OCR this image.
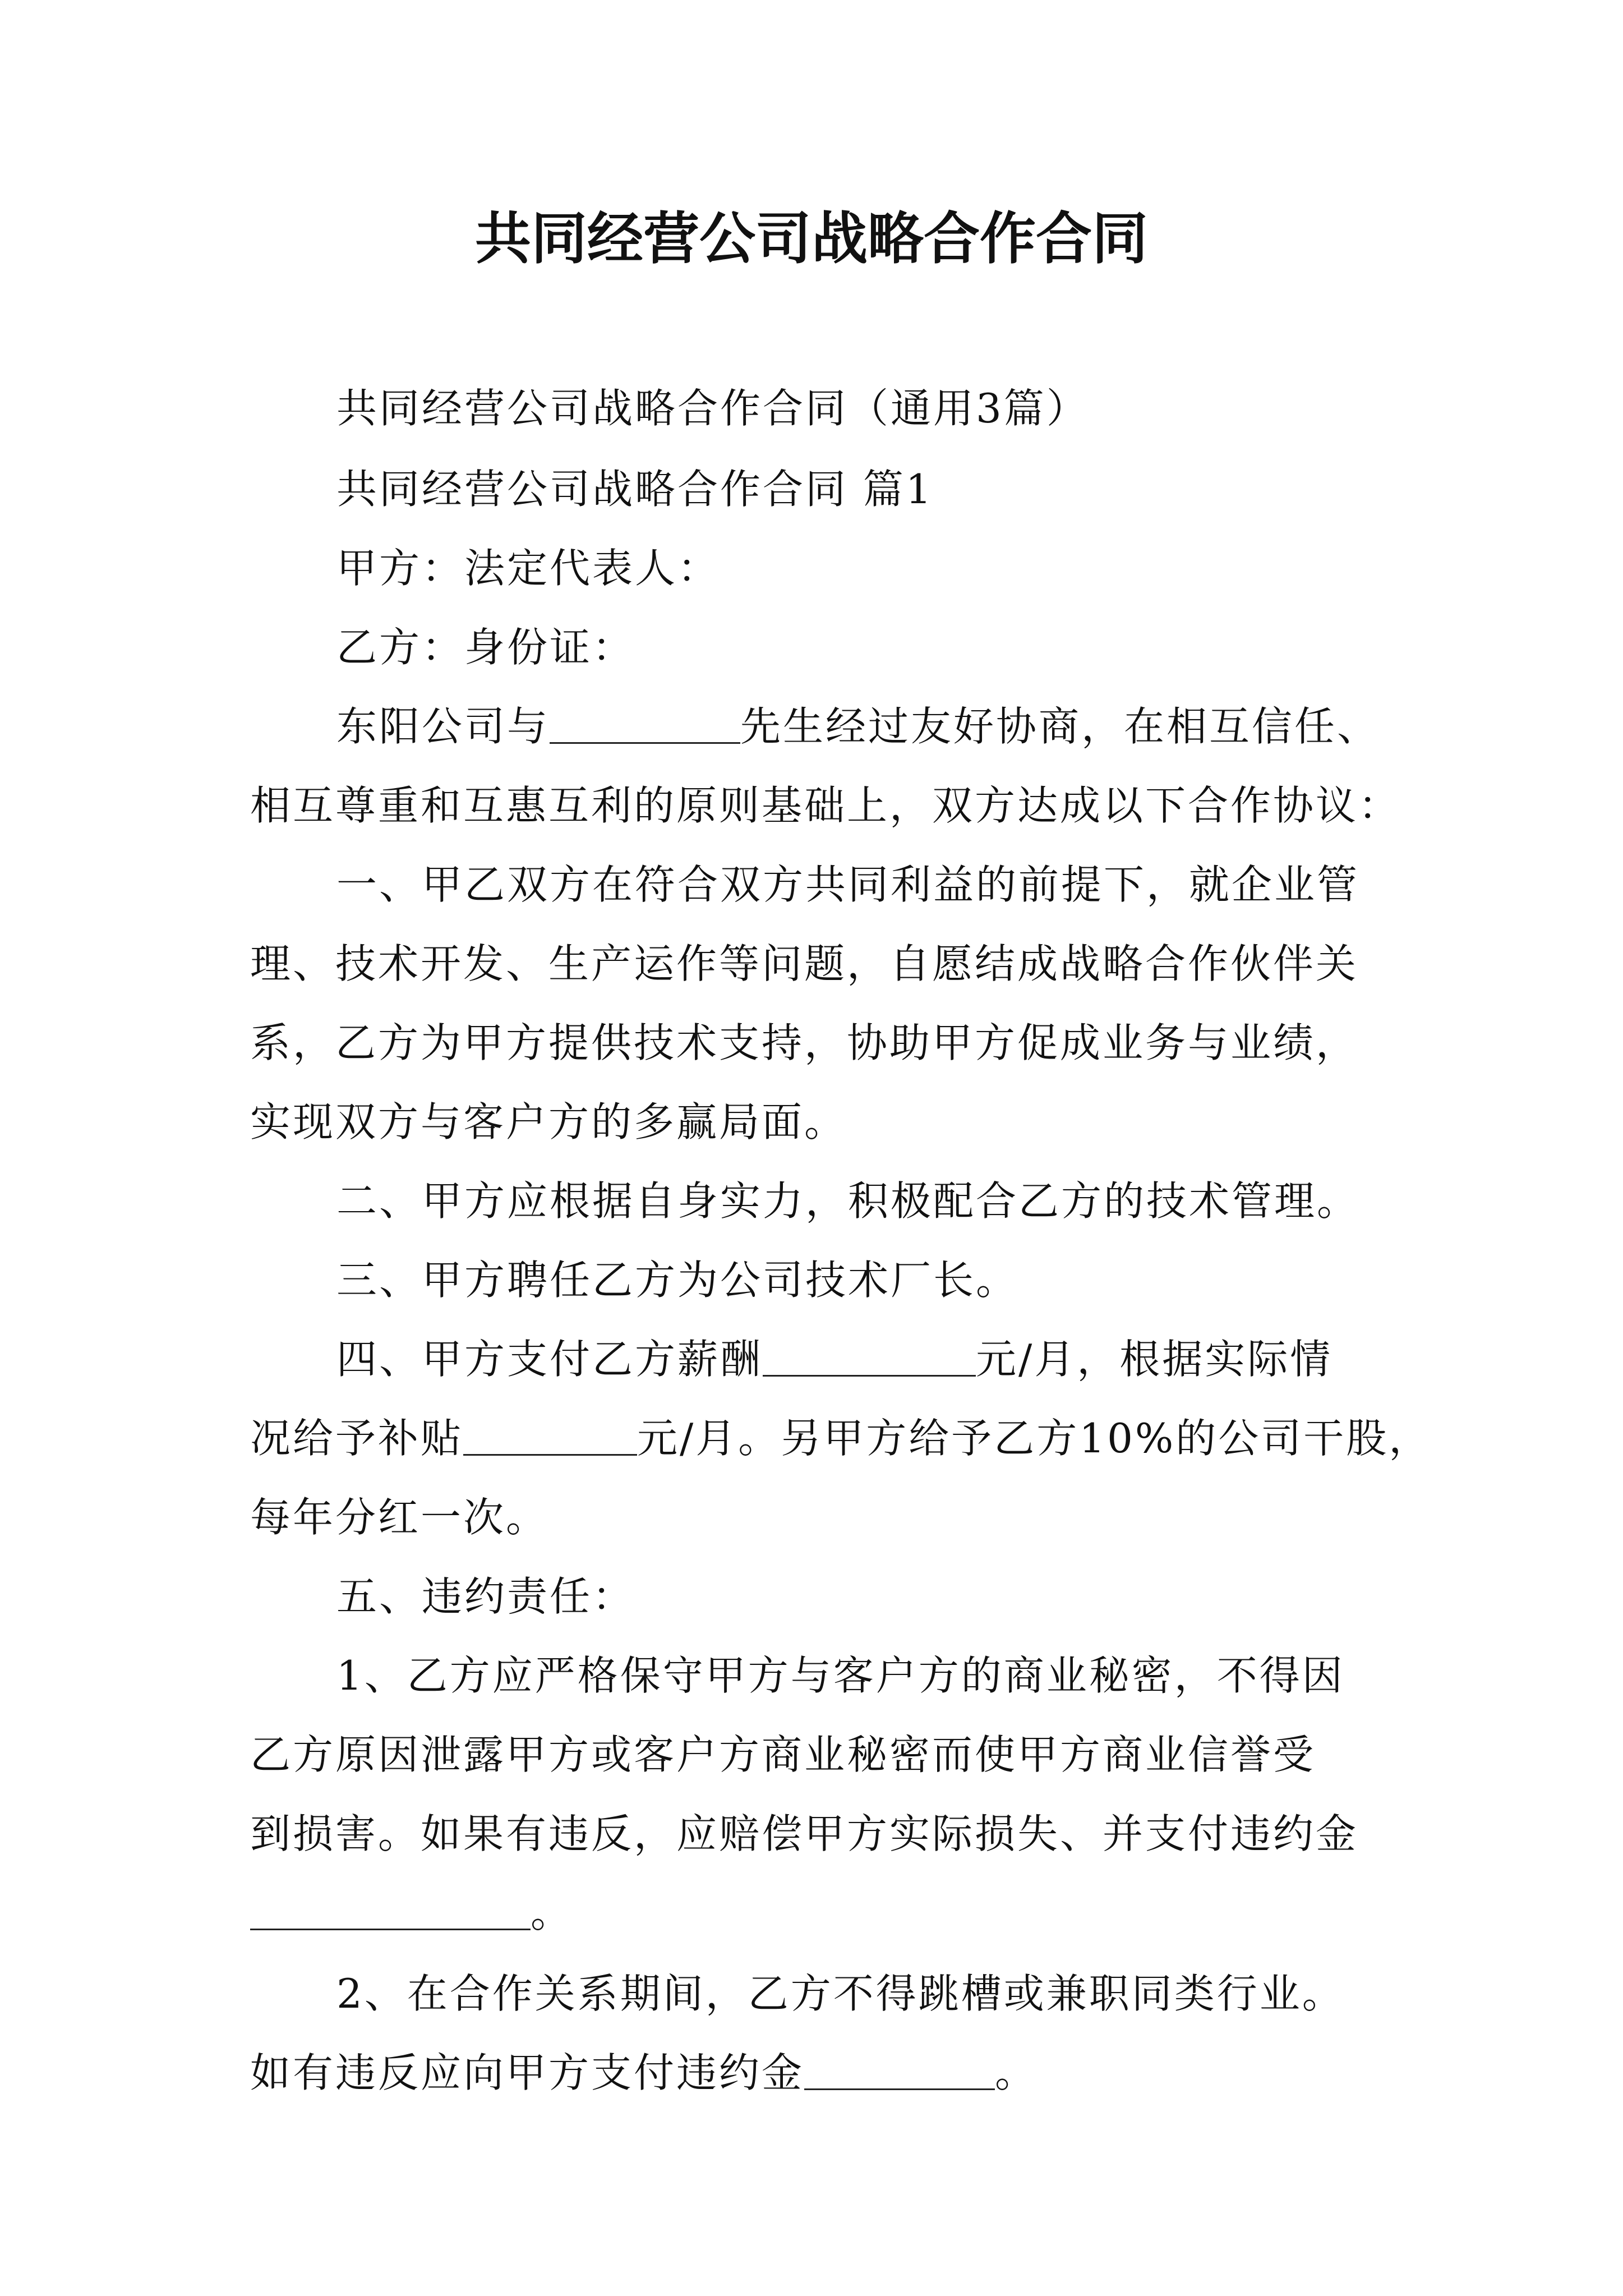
共同经营公司战略合作合同
共同经营公司战略合作合同（通用3篇）
共同经营公司战略合作合同 篇1
甲方：法定代表人：
乙方：身份证：
东阳公司与	先生经过友好协商，在相互信任、
相互尊重和互惠互利的原则基础上，双方达成以下合作协议：
一、甲乙双方在符合双方共同利益的前提下，就企业管
理、技术开发、生产运作等问题，自愿结成战略合作伙伴关
系，乙方为甲方提供技术支持，协助甲方促成业务与业绩，
实现双方与客户方的多赢局面。
二、甲方应根据自身实力，积极配合乙方的技术管理。
三、甲方聘任乙方为公司技术厂长。
四、甲方支付乙方薪酬	元/月，根据实际情
况给予补贴	元/月。另甲方给予乙方10%的公司干股，
每年分红一次。
五、违约责任：
1、乙方应严格保守甲方与客户方的商业秘密，不得因
乙方原因泄露甲方或客户方商业秘密而使甲方商业信誉受
到损害。如果有违反，应赔偿甲方实际损失、并支付违约金
。
2、在合作关系期间，乙方不得跳槽或兼职同类行业。
如有违反应向甲方支付违约金	。
